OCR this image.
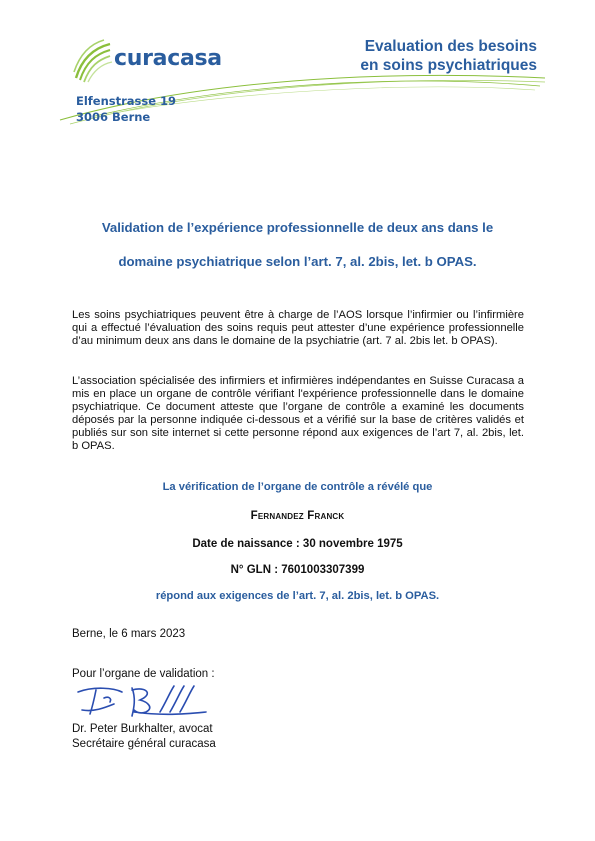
curacasa	Evaluation des besoins
en soins psychiatriques
Elfenstrasse 19
3006 Berne
Validation de l’expérience professionnelle de deux ans dans le
domaine psychiatrique selon l’art. 7, al. 2bis, let. b OPAS.
Les soins psychiatriques peuvent être à charge de l’AOS lorsque l’infirmier ou l’infirmière qui a effectué l’évaluation des soins requis peut attester d’une expérience professionnelle d’au minimum deux ans dans le domaine de la psychiatrie (art. 7 al. 2bis let. b OPAS).
L’association spécialisée des infirmiers et infirmières indépendantes en Suisse Curacasa a mis en place un organe de contrôle vérifiant l'expérience professionnelle dans le domaine psychiatrique. Ce document atteste que l’organe de contrôle a examiné les documents déposés par la personne indiquée ci-dessous et a vérifié sur la base de critères validés et publiés sur son site internet si cette personne répond aux exigences de l’art 7, al. 2bis, let. b OPAS.
La vérification de l’organe de contrôle a révélé que
Fernandez Franck
Date de naissance : 30 novembre 1975
N° GLN : 7601003307399
répond aux exigences de l’art. 7, al. 2bis, let. b OPAS.
Berne, le 6 mars 2023
Pour l’organe de validation :
Dr. Peter Burkhalter, avocat
Secrétaire général curacasa
